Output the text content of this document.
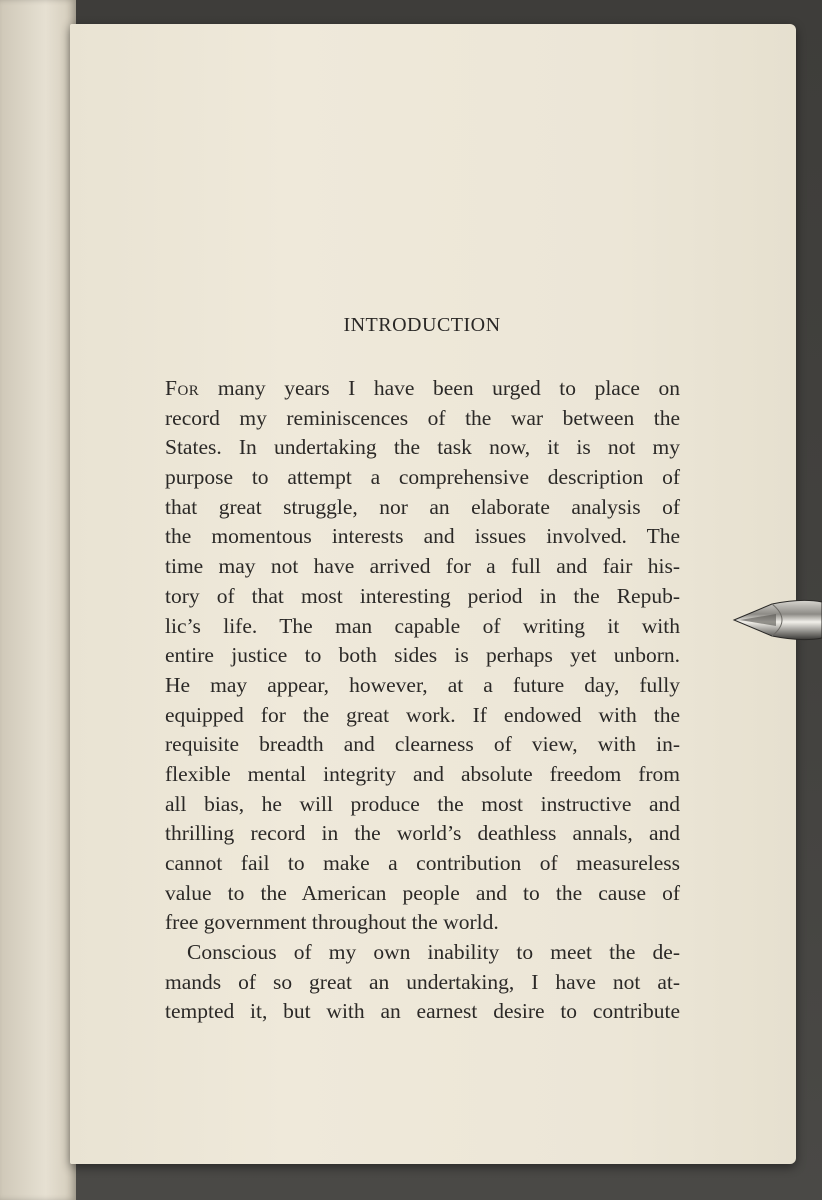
INTRODUCTION
For many years I have been urged to place on
record my reminiscences of the war between the
States. In undertaking the task now, it is not my
purpose to attempt a comprehensive description of
that great struggle, nor an elaborate analysis of
the momentous interests and issues involved. The
time may not have arrived for a full and fair his-
tory of that most interesting period in the Repub-
lic’s life. The man capable of writing it with
entire justice to both sides is perhaps yet unborn.
He may appear, however, at a future day, fully
equipped for the great work. If endowed with the
requisite breadth and clearness of view, with in-
flexible mental integrity and absolute freedom from
all bias, he will produce the most instructive and
thrilling record in the world’s deathless annals, and
cannot fail to make a contribution of measureless
value to the American people and to the cause of
free government throughout the world.
Conscious of my own inability to meet the de-
mands of so great an undertaking, I have not at-
tempted it, but with an earnest desire to contribute
